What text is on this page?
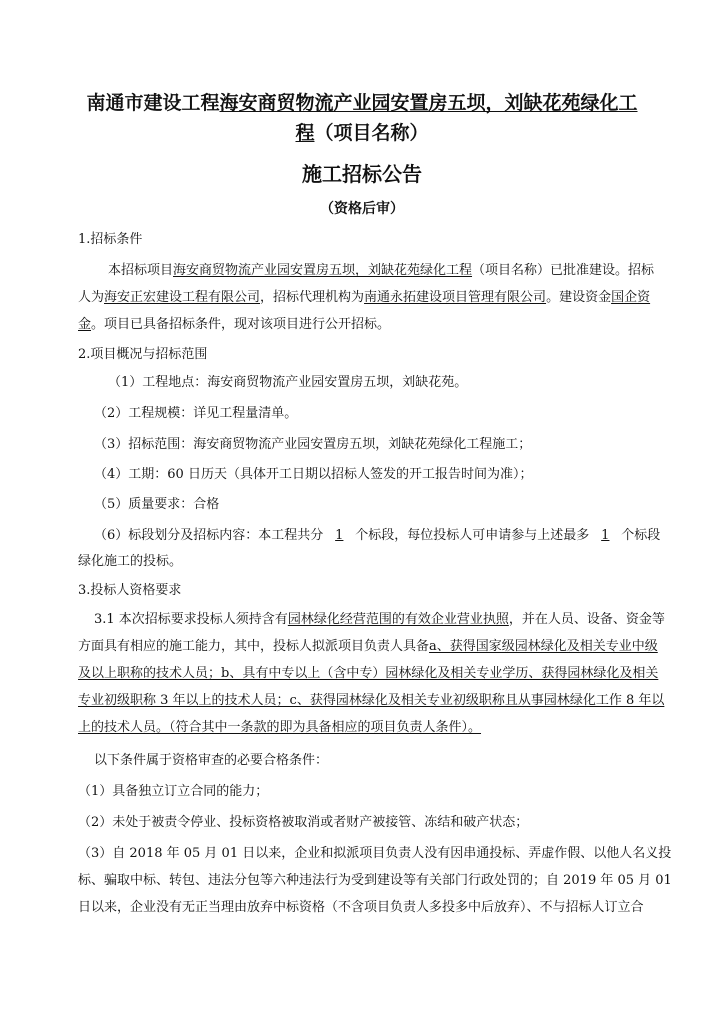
南通市建设工程海安商贸物流产业园安置房五坝，刘缺花苑绿化工

程（项目名称）

施工招标公告

（资格后审）

1.招标条件
本招标项目海安商贸物流产业园安置房五坝，刘缺花苑绿化工程（项目名称）已批准建设。招标
人为海安正宏建设工程有限公司，招标代理机构为南通永拓建设项目管理有限公司。建设资金国企资
金。项目已具备招标条件，现对该项目进行公开招标。
2.项目概况与招标范围
（1）工程地点：海安商贸物流产业园安置房五坝，刘缺花苑。
（2）工程规模：详见工程量清单。
（3）招标范围：海安商贸物流产业园安置房五坝，刘缺花苑绿化工程施工；
（4）工期：60 日历天（具体开工日期以招标人签发的开工报告时间为准）；
（5）质量要求：合格
（6）标段划分及招标内容：本工程共分 1 个标段，每位投标人可申请参与上述最多 1 个标段
绿化施工的投标。
3.投标人资格要求
3.1 本次招标要求投标人须持含有园林绿化经营范围的有效企业营业执照，并在人员、设备、资金等
方面具有相应的施工能力，其中，投标人拟派项目负责人具备a、获得国家级园林绿化及相关专业中级
及以上职称的技术人员；b、具有中专以上（含中专）园林绿化及相关专业学历、获得园林绿化及相关
专业初级职称 3 年以上的技术人员；c、获得园林绿化及相关专业初级职称且从事园林绿化工作 8 年以
上的技术人员。（符合其中一条款的即为具备相应的项目负责人条件）。
以下条件属于资格审查的必要合格条件：
（1）具备独立订立合同的能力；
（2）未处于被责令停业、投标资格被取消或者财产被接管、冻结和破产状态；
（3）自 2018 年 05 月 01 日以来，企业和拟派项目负责人没有因串通投标、弄虚作假、以他人名义投
标、骗取中标、转包、违法分包等六种违法行为受到建设等有关部门行政处罚的；自 2019 年 05 月 01
日以来，企业没有无正当理由放弃中标资格（不含项目负责人多投多中后放弃）、不与招标人订立合
